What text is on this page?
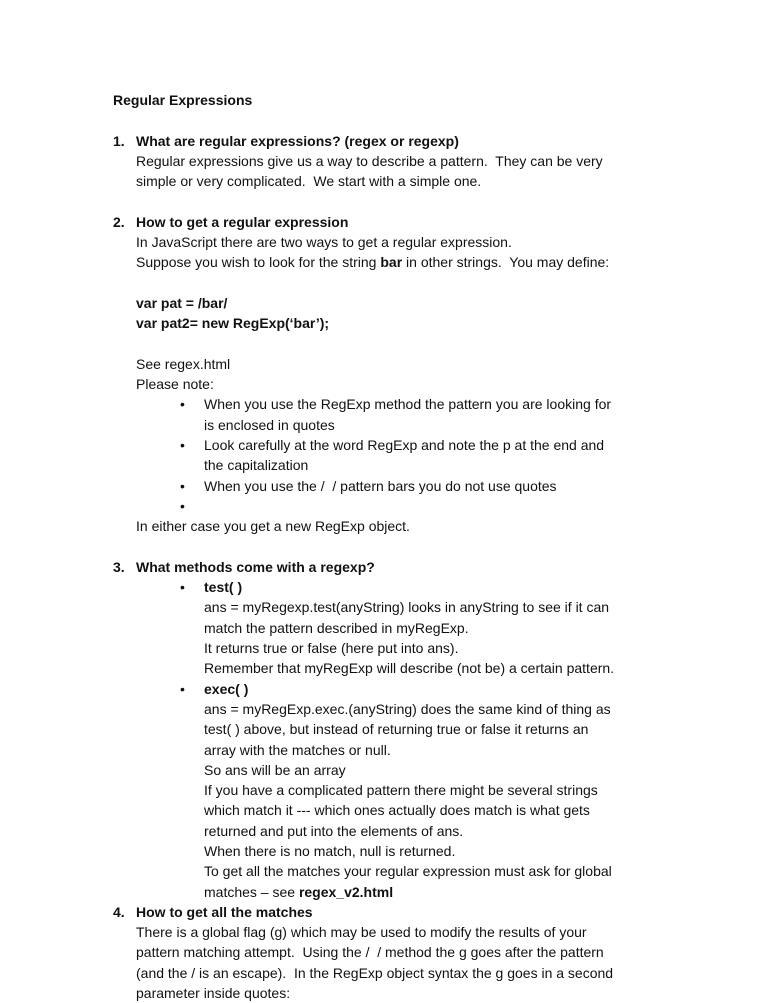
Regular Expressions
1. What are regular expressions? (regex or regexp)
Regular expressions give us a way to describe a pattern.  They can be very
simple or very complicated.  We start with a simple one.
2. How to get a regular expression
In JavaScript there are two ways to get a regular expression.
Suppose you wish to look for the string bar in other strings.  You may define:
var pat = /bar/
var pat2= new RegExp(‘bar’);
See regex.html
Please note:
• When you use the RegExp method the pattern you are looking for
is enclosed in quotes
• Look carefully at the word RegExp and note the p at the end and
the capitalization
• When you use the /  / pattern bars you do not use quotes
•
In either case you get a new RegExp object.
3. What methods come with a regexp?
• test( )
ans = myRegexp.test(anyString) looks in anyString to see if it can
match the pattern described in myRegExp.
It returns true or false (here put into ans).
Remember that myRegExp will describe (not be) a certain pattern.
• exec( )
ans = myRegExp.exec.(anyString) does the same kind of thing as
test( ) above, but instead of returning true or false it returns an
array with the matches or null.
So ans will be an array
If you have a complicated pattern there might be several strings
which match it --- which ones actually does match is what gets
returned and put into the elements of ans.
When there is no match, null is returned.
To get all the matches your regular expression must ask for global
matches – see regex_v2.html
4. How to get all the matches
There is a global flag (g) which may be used to modify the results of your
pattern matching attempt.  Using the /  / method the g goes after the pattern
(and the / is an escape).  In the RegExp object syntax the g goes in a second
parameter inside quotes:
